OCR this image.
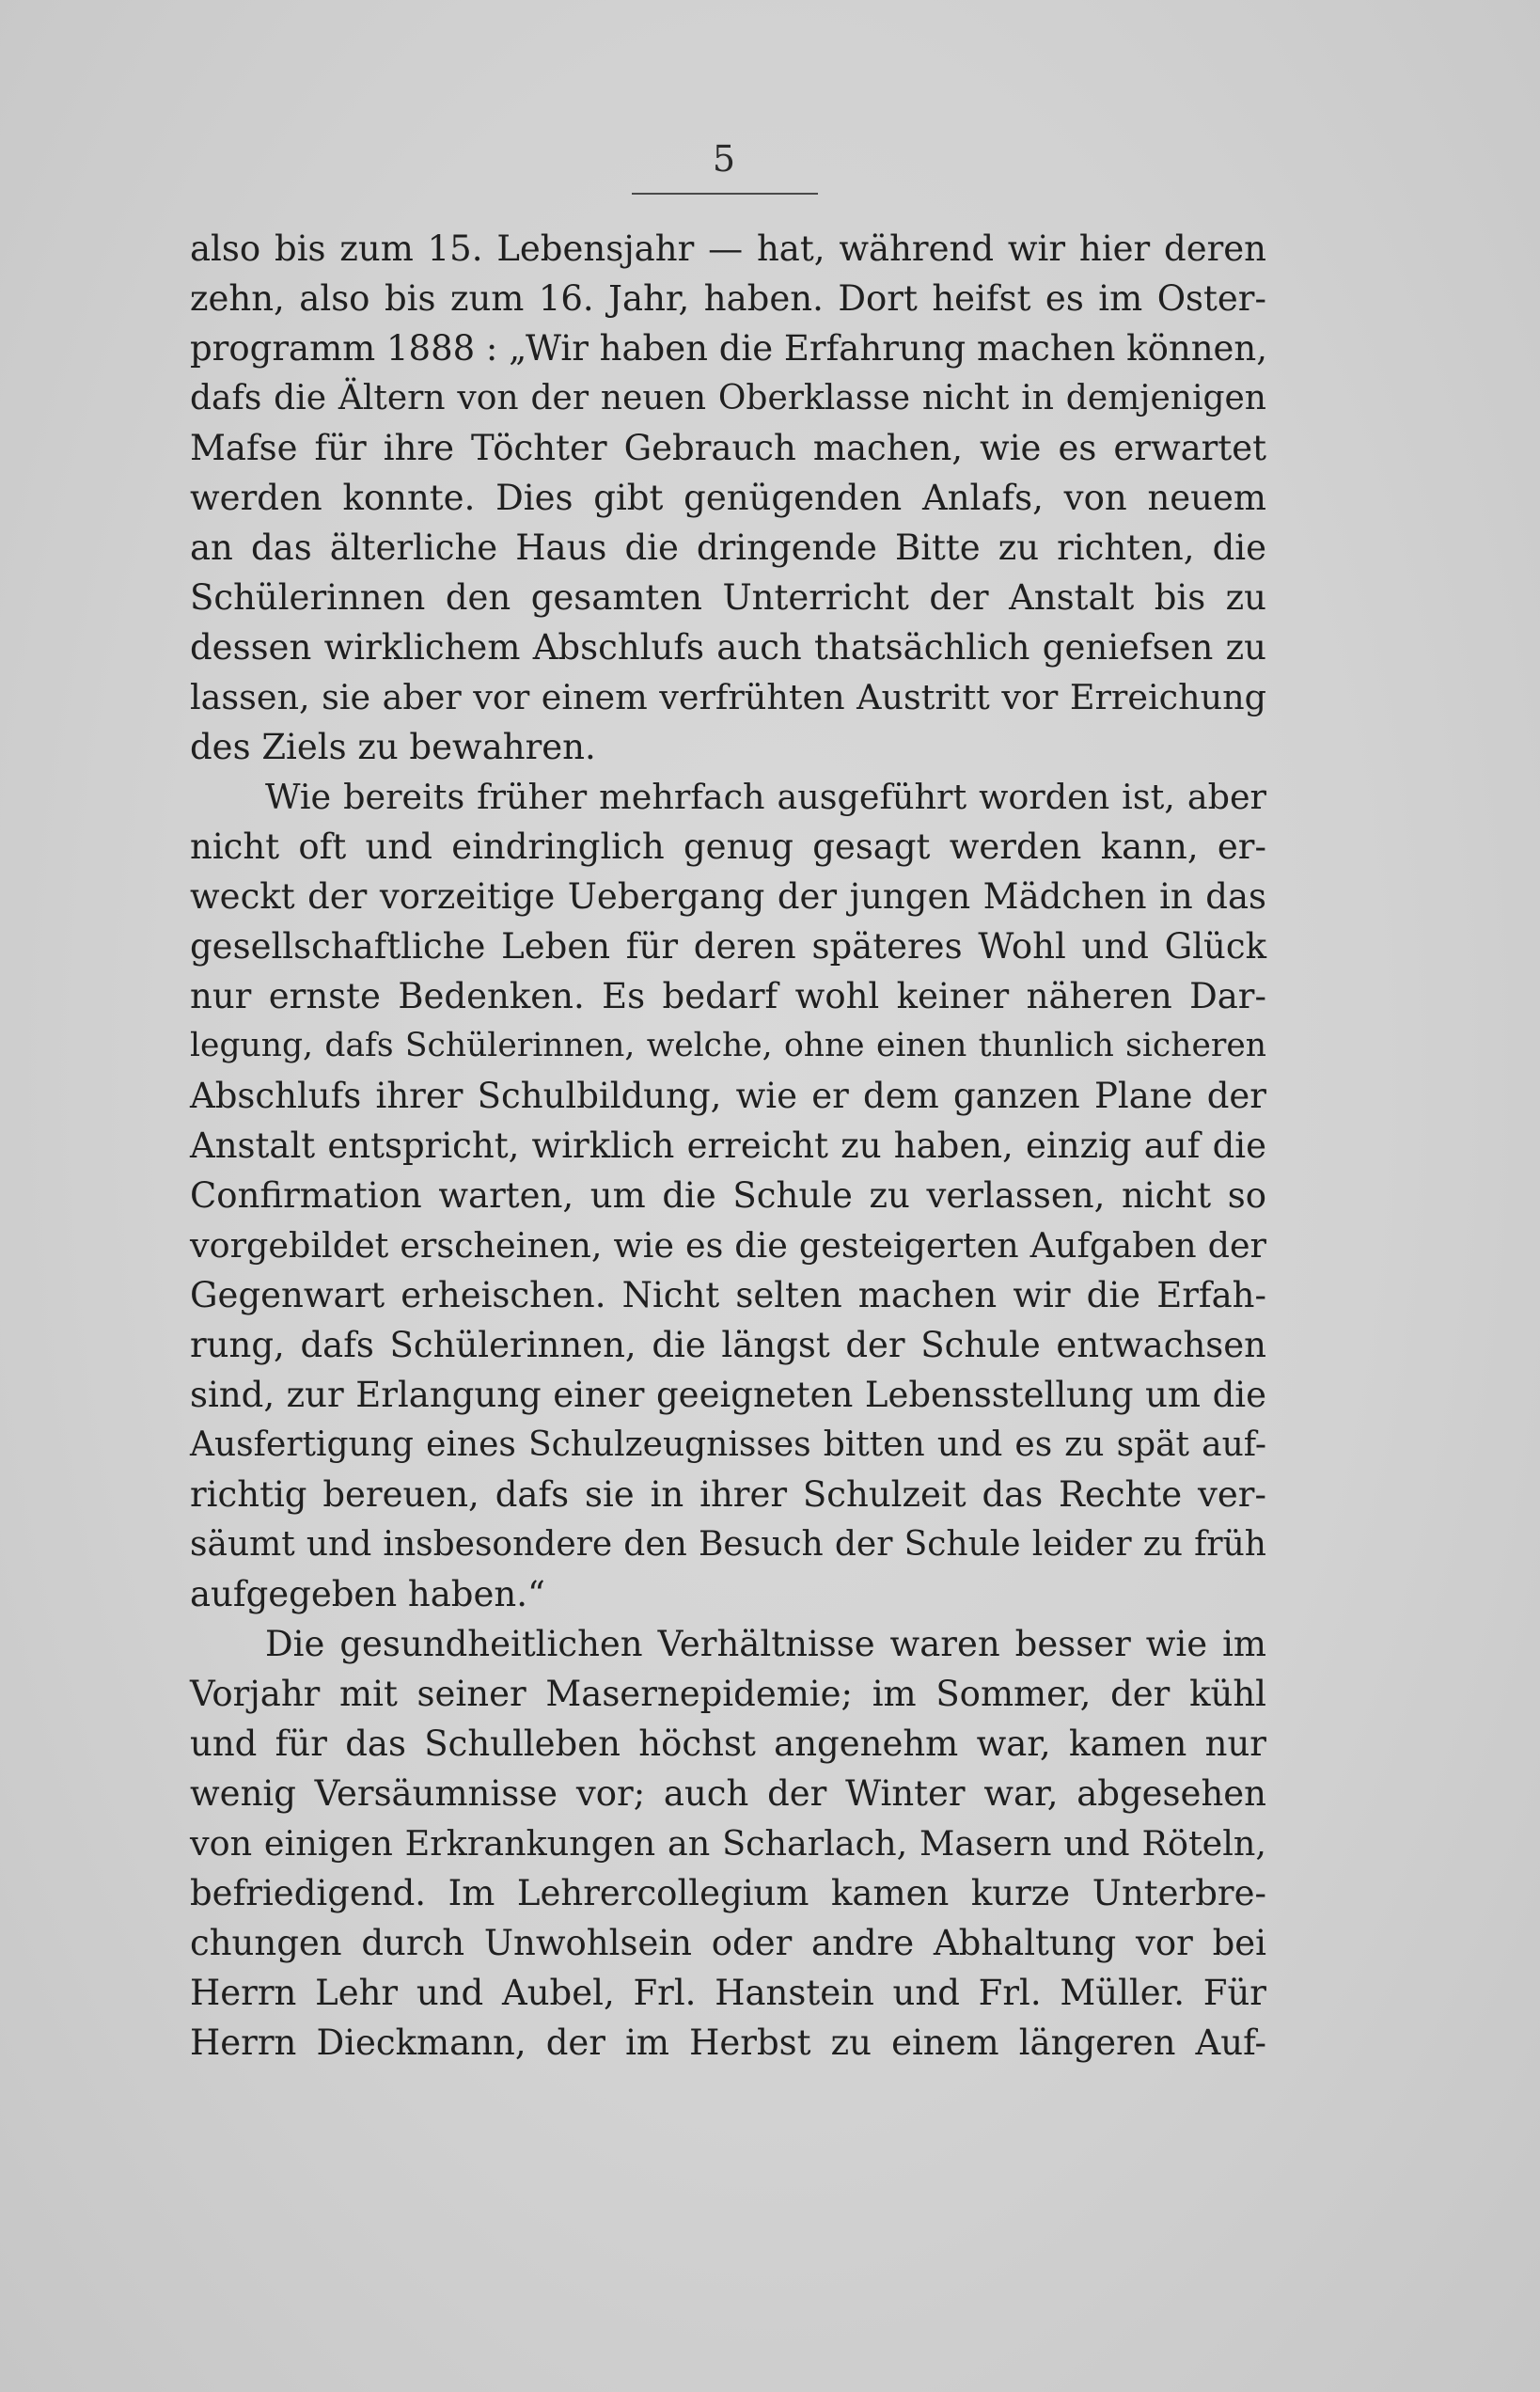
5
also bis zum 15. Lebensjahr — hat, während wir hier deren
zehn, also bis zum 16. Jahr, haben. Dort heifst es im Oster-
programm 1888 : „Wir haben die Erfahrung machen können,
dafs die Ältern von der neuen Oberklasse nicht in demjenigen
Mafse für ihre Töchter Gebrauch machen, wie es erwartet
werden konnte. Dies gibt genügenden Anlafs, von neuem
an das älterliche Haus die dringende Bitte zu richten, die
Schülerinnen den gesamten Unterricht der Anstalt bis zu
dessen wirklichem Abschlufs auch thatsächlich geniefsen zu
lassen, sie aber vor einem verfrühten Austritt vor Erreichung
des Ziels zu bewahren.
Wie bereits früher mehrfach ausgeführt worden ist, aber
nicht oft und eindringlich genug gesagt werden kann, er-
weckt der vorzeitige Uebergang der jungen Mädchen in das
gesellschaftliche Leben für deren späteres Wohl und Glück
nur ernste Bedenken. Es bedarf wohl keiner näheren Dar-
legung, dafs Schülerinnen, welche, ohne einen thunlich sicheren
Abschlufs ihrer Schulbildung, wie er dem ganzen Plane der
Anstalt entspricht, wirklich erreicht zu haben, einzig auf die
Confirmation warten, um die Schule zu verlassen, nicht so
vorgebildet erscheinen, wie es die gesteigerten Aufgaben der
Gegenwart erheischen. Nicht selten machen wir die Erfah-
rung, dafs Schülerinnen, die längst der Schule entwachsen
sind, zur Erlangung einer geeigneten Lebensstellung um die
Ausfertigung eines Schulzeugnisses bitten und es zu spät auf-
richtig bereuen, dafs sie in ihrer Schulzeit das Rechte ver-
säumt und insbesondere den Besuch der Schule leider zu früh
aufgegeben haben.“
Die gesundheitlichen Verhältnisse waren besser wie im
Vorjahr mit seiner Masernepidemie; im Sommer, der kühl
und für das Schulleben höchst angenehm war, kamen nur
wenig Versäumnisse vor; auch der Winter war, abgesehen
von einigen Erkrankungen an Scharlach, Masern und Röteln,
befriedigend. Im Lehrercollegium kamen kurze Unterbre-
chungen durch Unwohlsein oder andre Abhaltung vor bei
Herrn Lehr und Aubel, Frl. Hanstein und Frl. Müller. Für
Herrn Dieckmann, der im Herbst zu einem längeren Auf-
